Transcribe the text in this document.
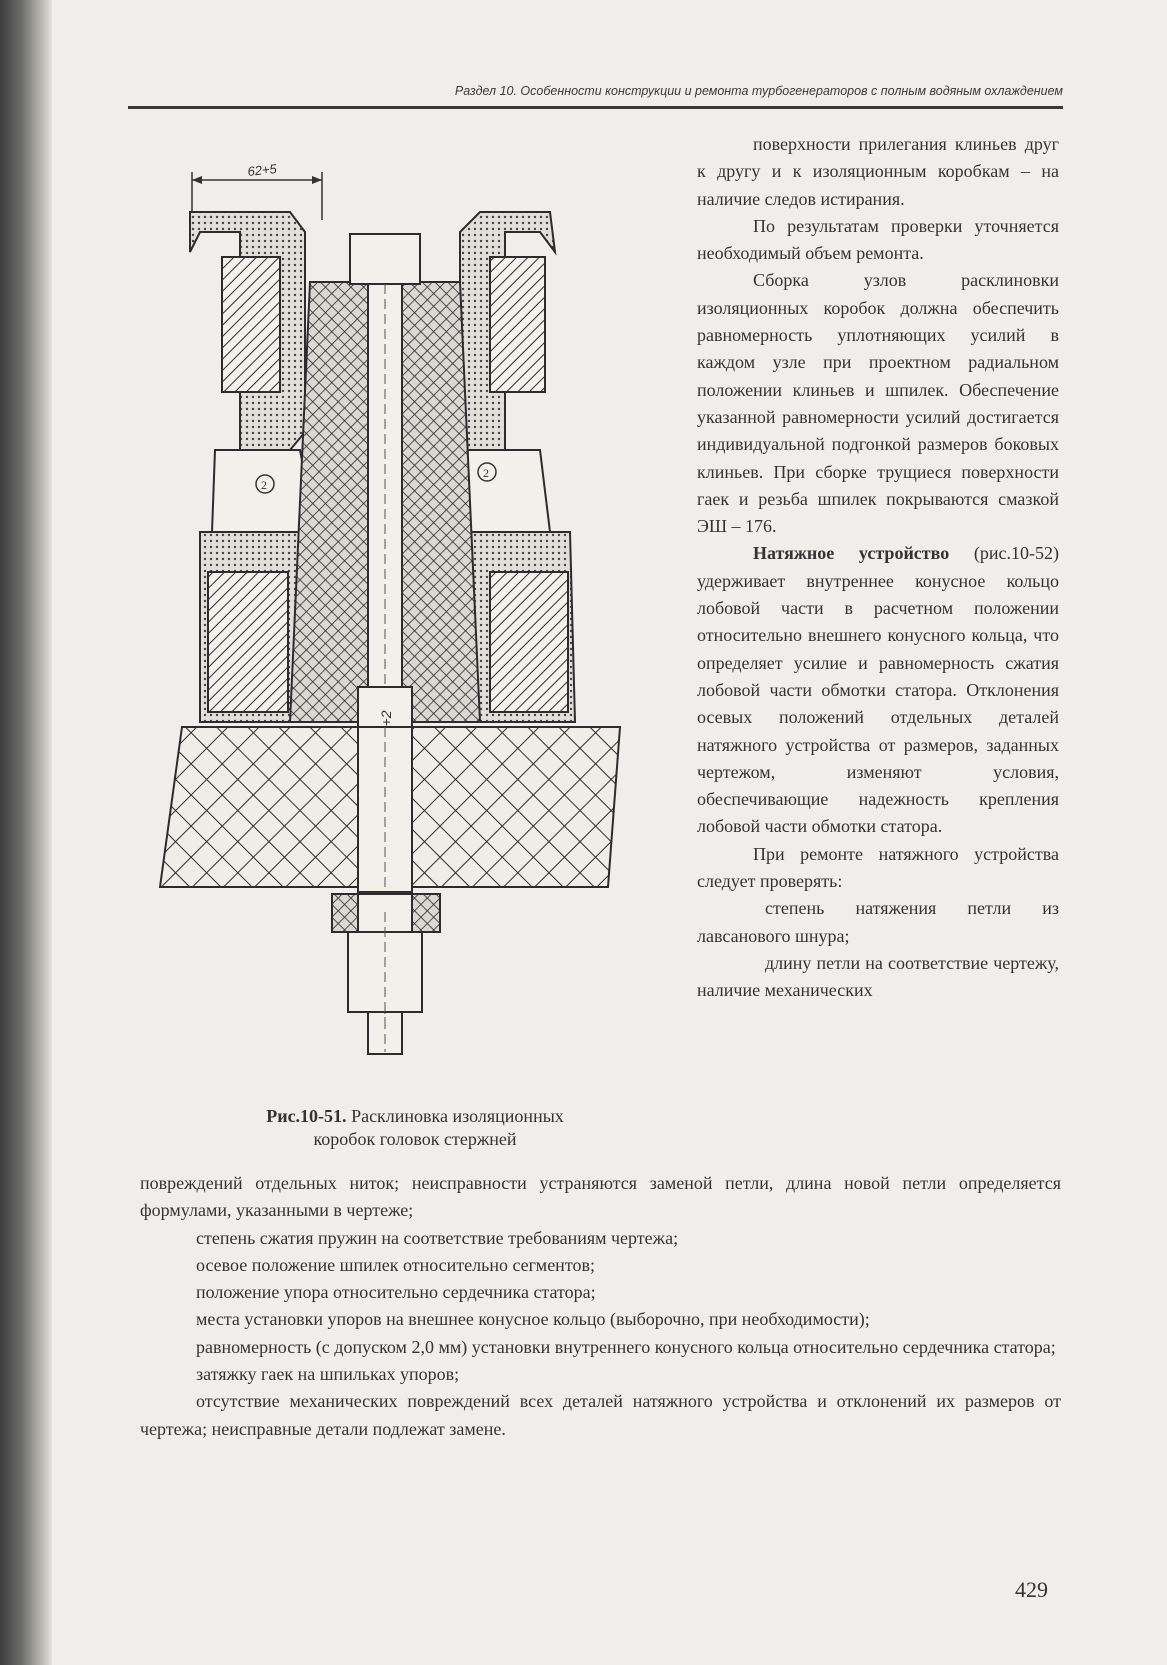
Раздел 10. Особенности конструкции и ремонта турбогенераторов с полным водяным охлаждением
62+5
2
2
Рис.10-51. Расклиновка изоляционных
коробок головок стержней

поверхности прилегания клиньев друг к другу и к изоляционным коробкам – на наличие следов истирания.

По результатам проверки уточняется необходимый объем ремонта.

Сборка узлов расклиновки изоляционных коробок должна обеспечить равномерность уплотняющих усилий в каждом узле при проектном радиальном положении клиньев и шпилек. Обеспечение указанной равномерности усилий достигается индивидуальной подгонкой размеров боковых клиньев. При сборке трущиеся поверхности гаек и резьба шпилек покрываются смазкой ЭШ – 176.

Натяжное устройство (рис.10-52) удерживает внутреннее конусное кольцо лобовой части в расчетном положении относительно внешнего конусного кольца, что определяет усилие и равномерность сжатия лобовой части обмотки статора. Отклонения осевых положений отдельных деталей натяжного устройства от размеров, заданных чертежом, изменяют условия, обеспечивающие надежность крепления лобовой части обмотки статора.

При ремонте натяжного устройства следует проверять:

степень натяжения петли из лавсанового шнура;

длину петли на соответствие чертежу, наличие механических

повреждений отдельных ниток; неисправности устраняются заменой петли, длина новой петли определяется формулами, указанными в чертеже;

степень сжатия пружин на соответствие требованиям чертежа;

осевое положение шпилек относительно сегментов;

положение упора относительно сердечника статора;

места установки упоров на внешнее конусное кольцо (выборочно, при необходимости);

равномерность (с допуском 2,0 мм) установки внутреннего конусного кольца относительно сердечника статора;

затяжку гаек на шпильках упоров;

отсутствие механических повреждений всех деталей натяжного устройства и отклонений их размеров от чертежа; неисправные детали подлежат замене.

429
